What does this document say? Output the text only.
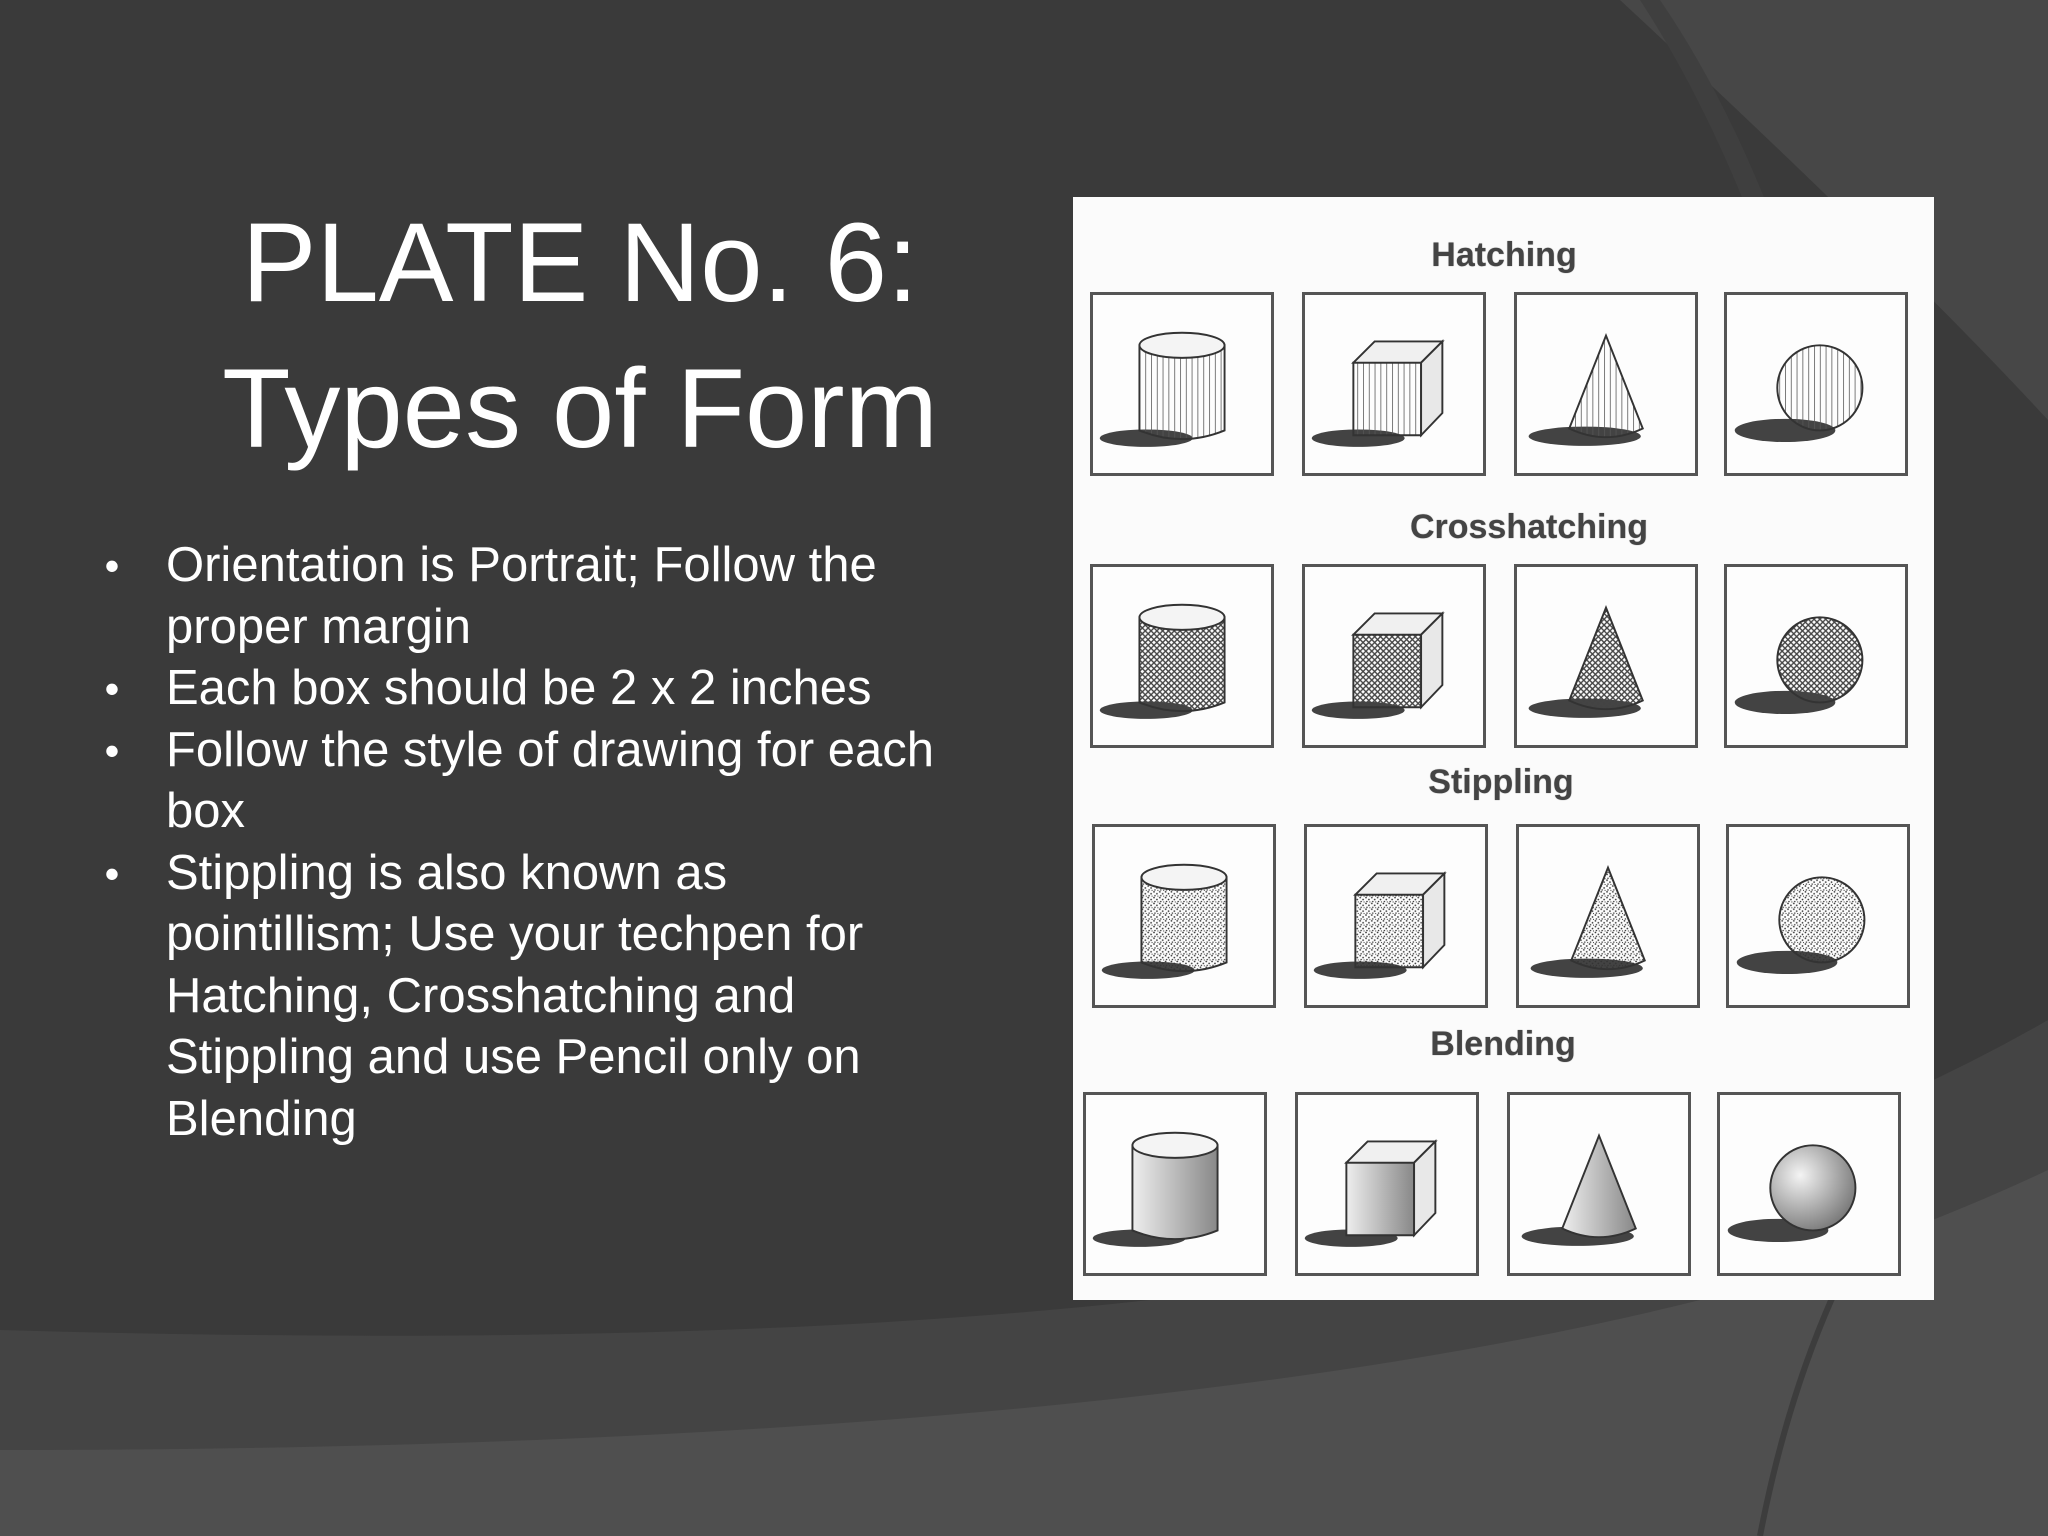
PLATE No. 6:
Types of Form
• Orientation is Portrait; Follow the proper margin
• Each box should be 2 x 2 inches
• Follow the style of drawing for each box
• Stippling is also known as pointillism; Use your techpen for Hatching, Crosshatching and Stippling and use Pencil only on Blending
Hatching
Crosshatching
Stippling
Blending
